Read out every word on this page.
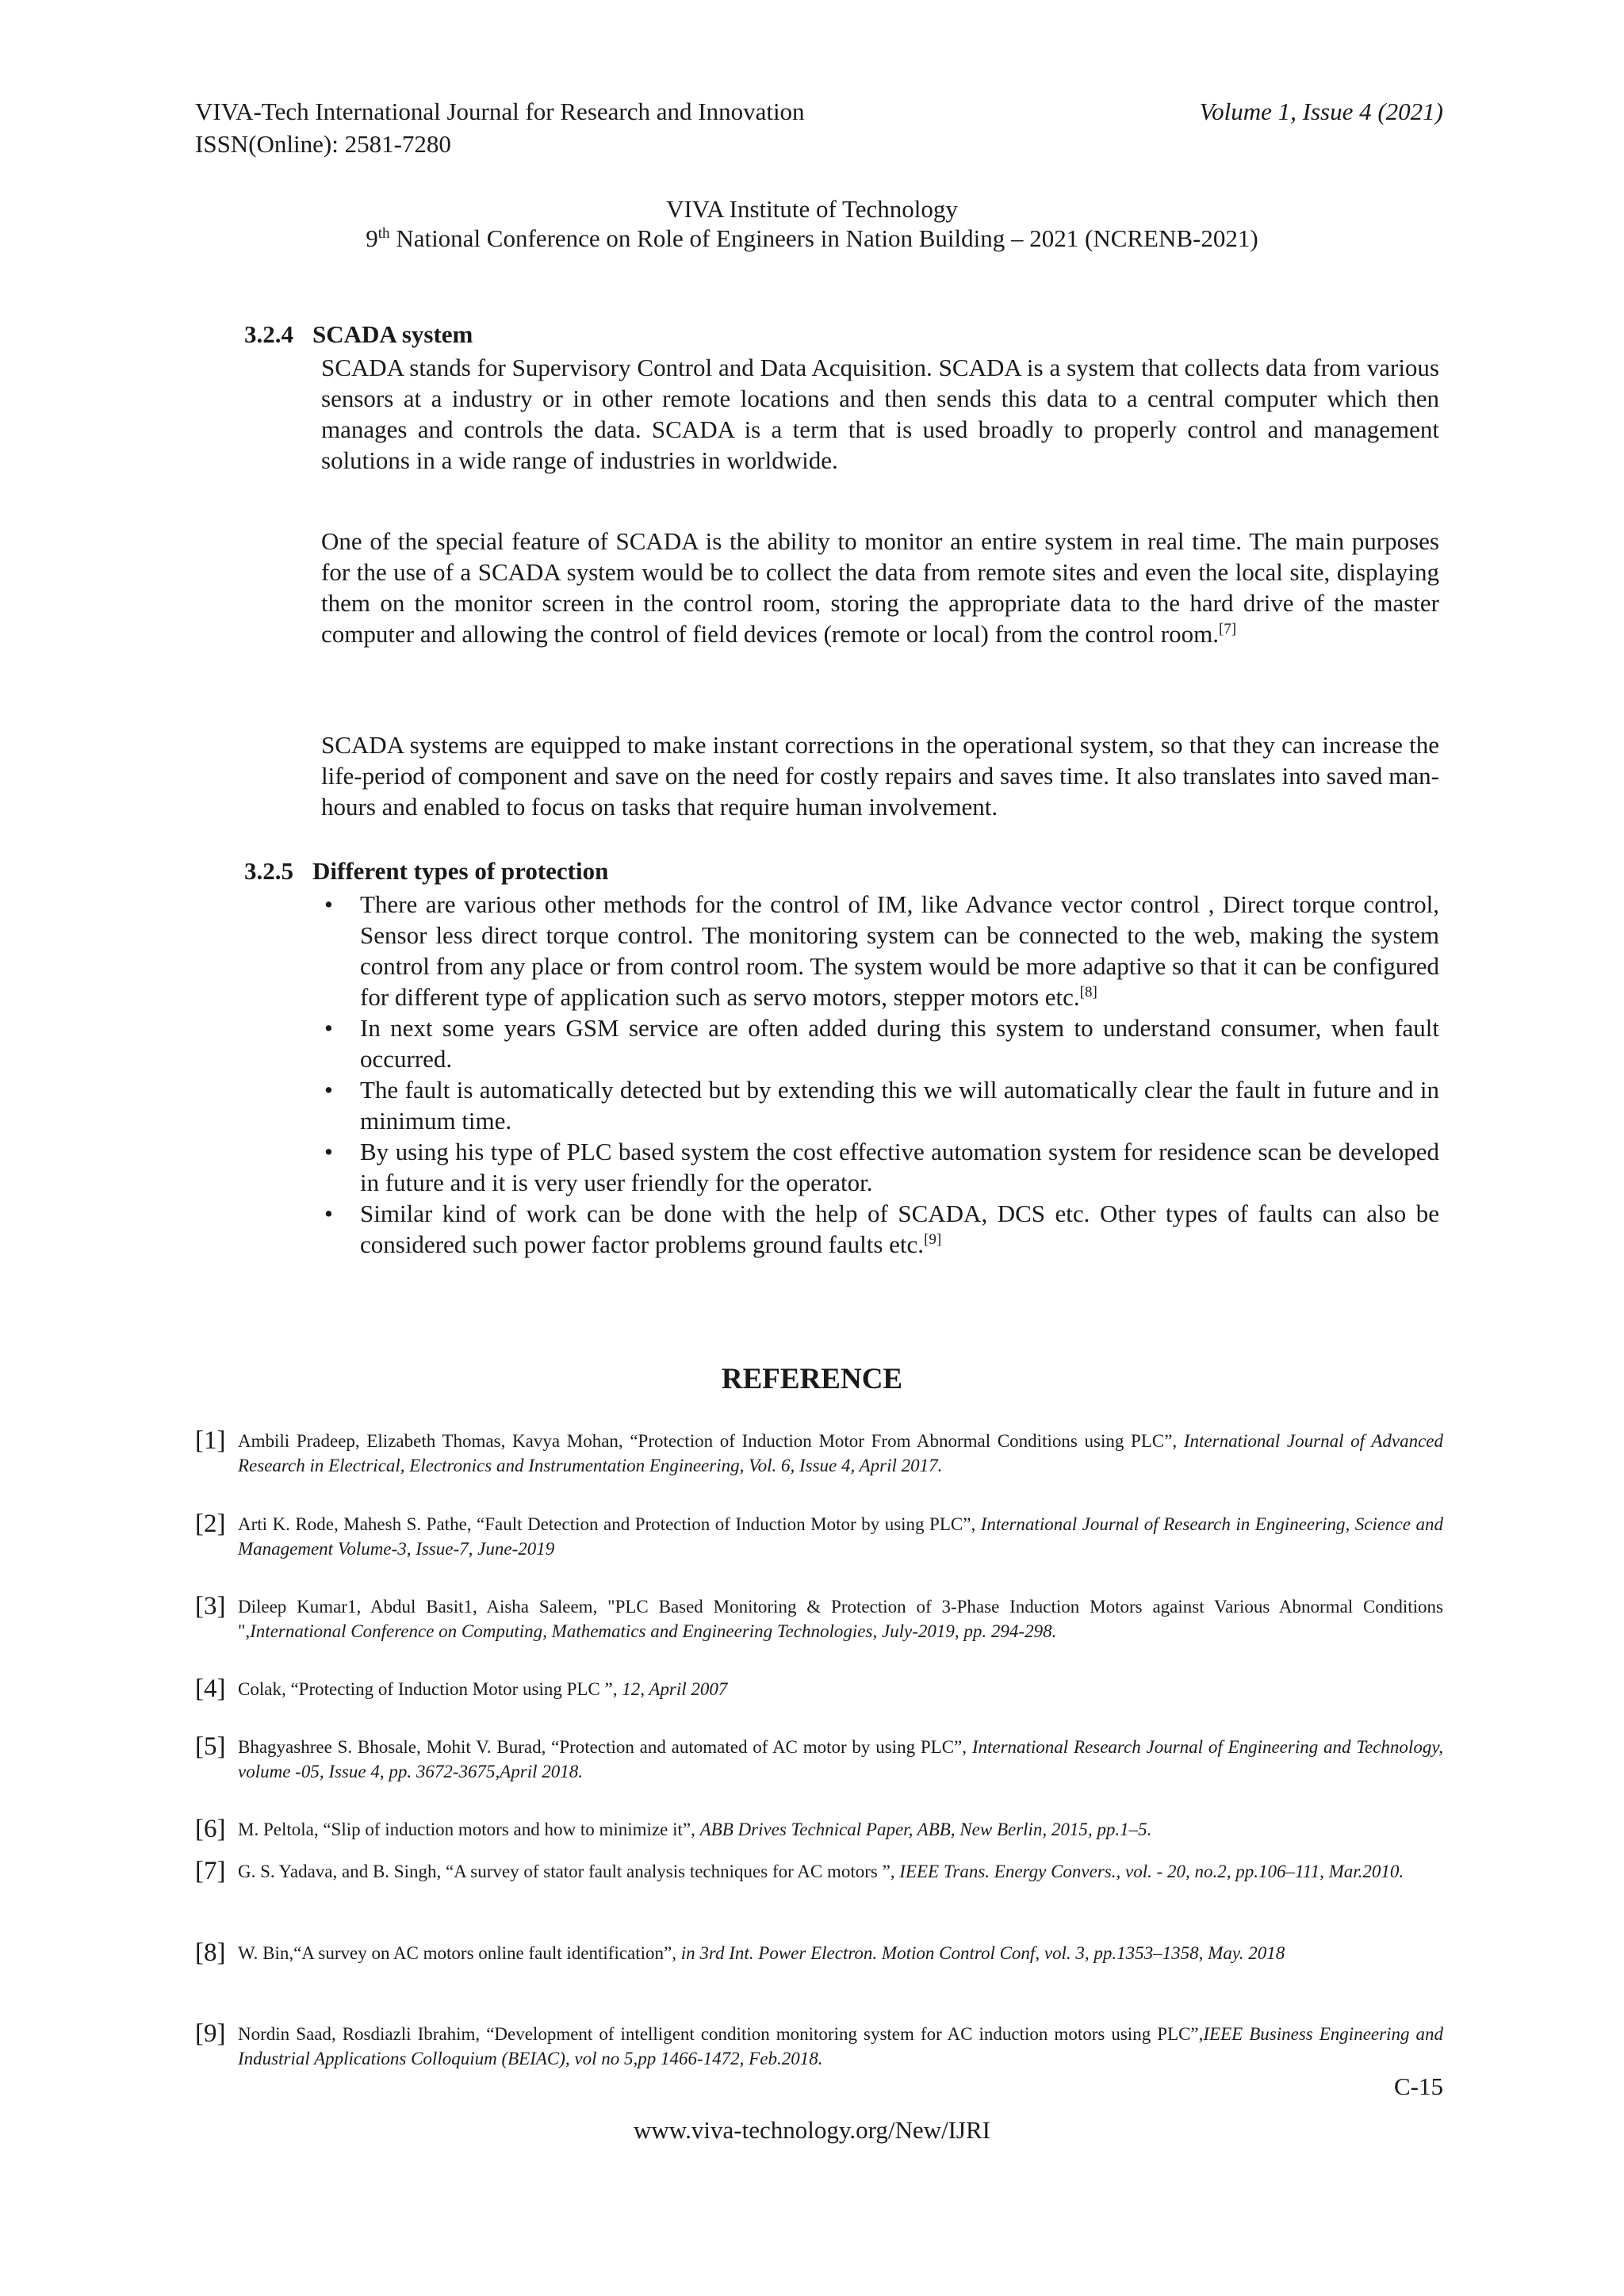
VIVA-Tech International Journal for Research and Innovation	Volume 1, Issue 4 (2021)
ISSN(Online): 2581-7280
VIVA Institute of Technology
9th National Conference on Role of Engineers in Nation Building – 2021 (NCRENB-2021)
3.2.4 SCADA system
SCADA stands for Supervisory Control and Data Acquisition. SCADA is a system that collects data from various sensors at a industry or in other remote locations and then sends this data to a central computer which then manages and controls the data. SCADA is a term that is used broadly to properly control and management solutions in a wide range of industries in worldwide.
One of the special feature of SCADA is the ability to monitor an entire system in real time. The main purposes for the use of a SCADA system would be to collect the data from remote sites and even the local site, displaying them on the monitor screen in the control room, storing the appropriate data to the hard drive of the master computer and allowing the control of field devices (remote or local) from the control room.[7]
SCADA systems are equipped to make instant corrections in the operational system, so that they can increase the life-period of component and save on the need for costly repairs and saves time. It also translates into saved man-hours and enabled to focus on tasks that require human involvement.
3.2.5 Different types of protection
• There are various other methods for the control of IM, like Advance vector control , Direct torque control, Sensor less direct torque control. The monitoring system can be connected to the web, making the system control from any place or from control room. The system would be more adaptive so that it can be configured for different type of application such as servo motors, stepper motors etc.[8]
• In next some years GSM service are often added during this system to understand consumer, when fault occurred.
• The fault is automatically detected but by extending this we will automatically clear the fault in future and in minimum time.
• By using his type of PLC based system the cost effective automation system for residence scan be developed in future and it is very user friendly for the operator.
• Similar kind of work can be done with the help of SCADA, DCS etc. Other types of faults can also be considered such power factor problems ground faults etc.[9]
REFERENCE
[1] Ambili Pradeep, Elizabeth Thomas, Kavya Mohan, “Protection of Induction Motor From Abnormal Conditions using PLC”, International Journal of Advanced Research in Electrical, Electronics and Instrumentation Engineering, Vol. 6, Issue 4, April 2017.
[2] Arti K. Rode, Mahesh S. Pathe, “Fault Detection and Protection of Induction Motor by using PLC”, International Journal of Research in Engineering, Science and Management Volume-3, Issue-7, June-2019
[3] Dileep Kumar1, Abdul Basit1, Aisha Saleem, "PLC Based Monitoring & Protection of 3-Phase Induction Motors against Various Abnormal Conditions ",International Conference on Computing, Mathematics and Engineering Technologies, July-2019, pp. 294-298.
[4] Colak, “Protecting of Induction Motor using PLC ”, 12, April 2007
[5] Bhagyashree S. Bhosale, Mohit V. Burad, “Protection and automated of AC motor by using PLC”, International Research Journal of Engineering and Technology, volume -05, Issue 4, pp. 3672-3675,April 2018.
[6] M. Peltola, “Slip of induction motors and how to minimize it”, ABB Drives Technical Paper, ABB, New Berlin, 2015, pp.1–5.
[7] G. S. Yadava, and B. Singh, “A survey of stator fault analysis techniques for AC motors ”, IEEE Trans. Energy Convers., vol. - 20, no.2, pp.106–111, Mar.2010.
[8] W. Bin,“A survey on AC motors online fault identification”, in 3rd Int. Power Electron. Motion Control Conf, vol. 3, pp.1353–1358, May. 2018
[9] Nordin Saad, Rosdiazli Ibrahim, “Development of intelligent condition monitoring system for AC induction motors using PLC”,IEEE Business Engineering and Industrial Applications Colloquium (BEIAC), vol no 5,pp 1466-1472, Feb.2018.
C-15
www.viva-technology.org/New/IJRI
